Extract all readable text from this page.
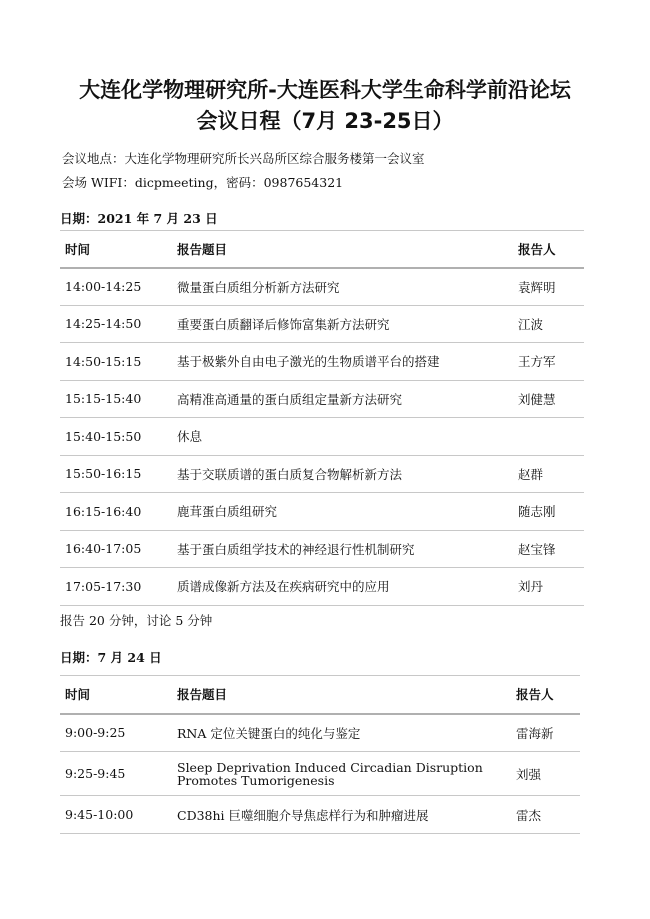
大连化学物理研究所-大连医科大学生命科学前沿论坛
会议日程（7月 23-25日）
会议地点：大连化学物理研究所长兴岛所区综合服务楼第一会议室
会场 WIFI：dicpmeeting，密码：0987654321
日期：2021 年 7 月 23 日
时间	报告题目	报告人
14:00-14:25	微量蛋白质组分析新方法研究	袁辉明
14:25-14:50	重要蛋白质翻译后修饰富集新方法研究	江波
14:50-15:15	基于极紫外自由电子激光的生物质谱平台的搭建	王方军
15:15-15:40	高精准高通量的蛋白质组定量新方法研究	刘健慧
15:40-15:50	休息	
15:50-16:15	基于交联质谱的蛋白质复合物解析新方法	赵群
16:15-16:40	鹿茸蛋白质组研究	随志刚
16:40-17:05	基于蛋白质组学技术的神经退行性机制研究	赵宝锋
17:05-17:30	质谱成像新方法及在疾病研究中的应用	刘丹
报告 20 分钟，讨论 5 分钟
日期：7 月 24 日
时间	报告题目	报告人
9:00-9:25	RNA 定位关键蛋白的纯化与鉴定	雷海新
9:25-9:45	Sleep Deprivation Induced Circadian Disruption Promotes Tumorigenesis	刘强
9:45-10:00	CD38hi 巨噬细胞介导焦虑样行为和肿瘤进展	雷杰
